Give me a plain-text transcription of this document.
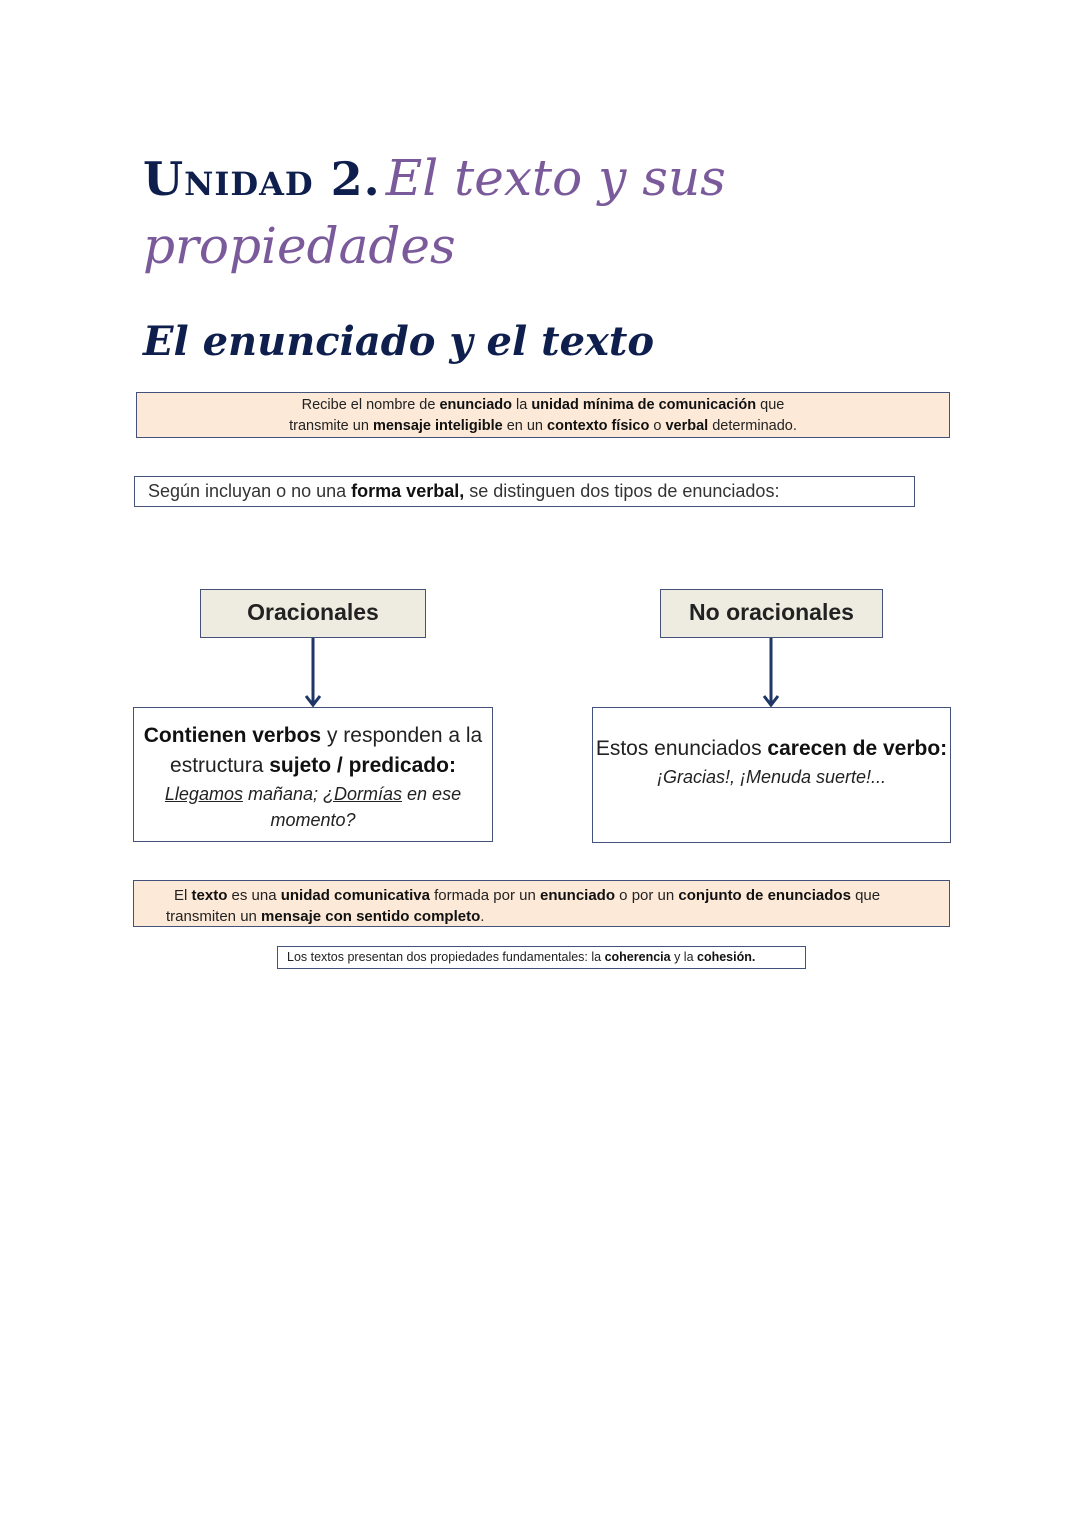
Unidad 2. El texto y sus
propiedades
El enunciado y el texto
Recibe el nombre de enunciado la unidad mínima de comunicación que
transmite un mensaje inteligible en un contexto físico o verbal determinado.
Según incluyan o no una forma verbal, se distinguen dos tipos de enunciados:
Oracionales	No oracionales
Contienen verbos y responden a la estructura sujeto / predicado:
Llegamos mañana; ¿Dormías en ese momento?
Estos enunciados carecen de verbo:
¡Gracias!, ¡Menuda suerte!...
El texto es una unidad comunicativa formada por un enunciado o por un conjunto de enunciados que
transmiten un mensaje con sentido completo.
Los textos presentan dos propiedades fundamentales: la coherencia y la cohesión.
